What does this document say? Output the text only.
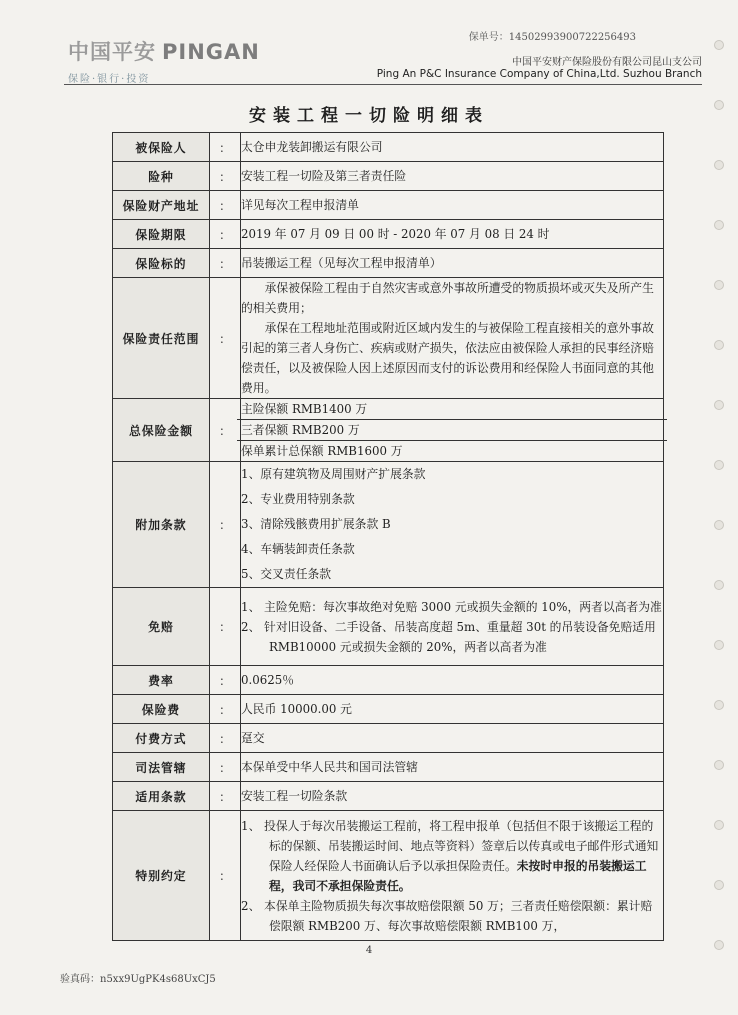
中国平安 PINGAN
保险·银行·投资
保单号：14502993900722256493
中国平安财产保险股份有限公司昆山支公司
Ping An P&C Insurance Company of China,Ltd. Suzhou Branch
安装工程一切险明细表
被保险人	：	太仓申龙装卸搬运有限公司
险种	：	安装工程一切险及第三者责任险
保险财产地址	：	详见每次工程申报清单
保险期限	：	2019 年 07 月 09 日 00 时 - 2020 年 07 月 08 日 24 时
保险标的	：	吊装搬运工程（见每次工程申报清单）
保险责任范围	：	承保被保险工程由于自然灾害或意外事故所遭受的物质损坏或灭失及所产生的相关费用；
承保在工程地址范围或附近区域内发生的与被保险工程直接相关的意外事故引起的第三者人身伤亡、疾病或财产损失，依法应由被保险人承担的民事经济赔偿责任，以及被保险人因上述原因而支付的诉讼费用和经保险人书面同意的其他费用。

总保险金额	：	主险保额 RMB1400 万
三者保额 RMB200 万
保单累计总保额 RMB1600 万

附加条款	：	1、原有建筑物及周围财产扩展条款
2、专业费用特别条款
3、清除残骸费用扩展条款 B
4、车辆装卸责任条款
5、交叉责任条款

免赔	：	1、 主险免赔：每次事故绝对免赔 3000 元或损失金额的 10%，两者以高者为准
2、 针对旧设备、二手设备、吊装高度超 5m、重量超 30t 的吊装设备免赔适用 RMB10000 元或损失金额的 20%，两者以高者为准

费率	：	0.0625％
保险费	：	人民币 10000.00 元
付费方式	：	趸交
司法管辖	：	本保单受中华人民共和国司法管辖
适用条款	：	安装工程一切险条款
特别约定	：	1、 投保人于每次吊装搬运工程前，将工程申报单（包括但不限于该搬运工程的标的保额、吊装搬运时间、地点等资料）签章后以传真或电子邮件形式通知保险人经保险人书面确认后予以承担保险责任。未按时申报的吊装搬运工程，我司不承担保险责任。
2、 本保单主险物质损失每次事故赔偿限额 50 万；三者责任赔偿限额：累计赔偿限额 RMB200 万、每次事故赔偿限额 RMB100 万，
4
验真码：n5xx9UgPK4s68UxCJ5
